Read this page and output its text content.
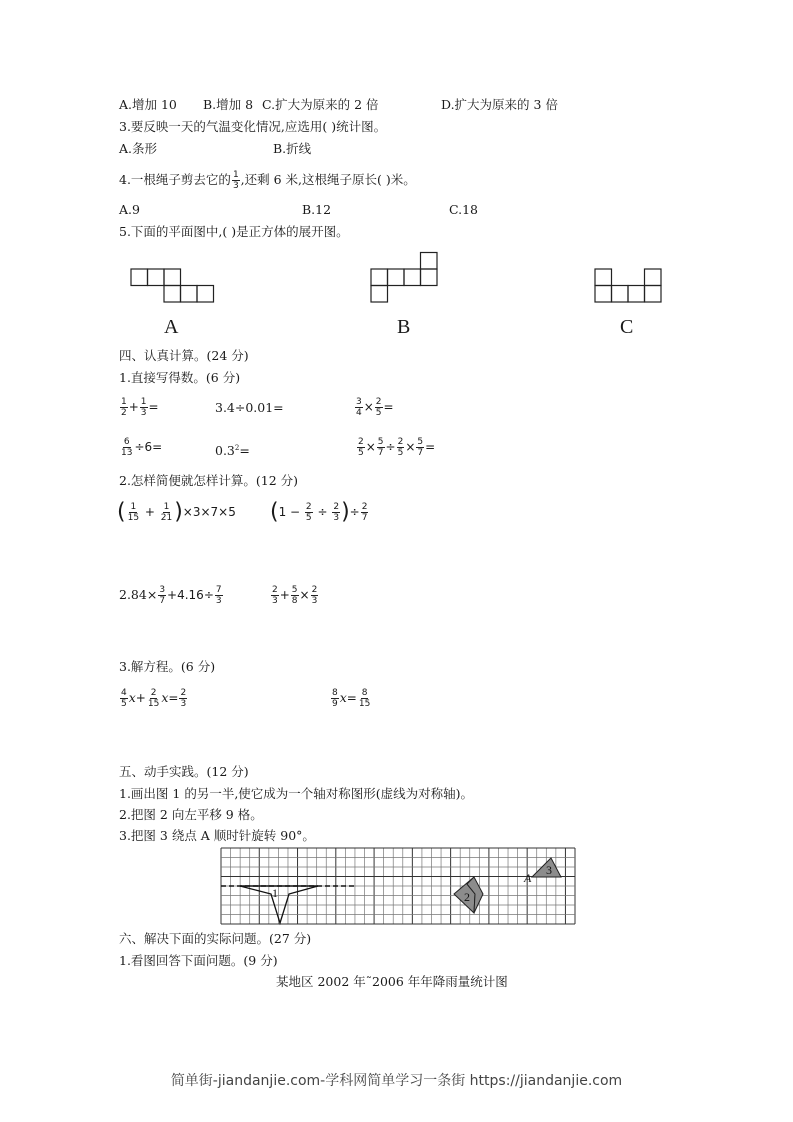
A.增加 10 B.增加 8 C.扩大为原来的 2 倍	D.扩大为原来的 3 倍
3.要反映一天的气温变化情况,应选用( )统计图。
A.条形	B.折线
4.一根绳子剪去它的 $\frac{1}{3}$ ,还剩 6 米,这根绳子原长( )米。
A.9	B.12	C.18
5.下面的平面图中,( )是正方体的展开图。
A	B	C
四、认真计算。(24 分)
1.直接写得数。(6 分)
$\frac{1}{2} + \frac{1}{3}$ =	3.4÷0.01=	$\frac{3}{4} \times \frac{2}{5}$ =
$\frac{6}{13} \div 6=$	$0.3^2=$	$\frac{2}{5} \times \frac{5}{7} \div \frac{2}{5} \times \frac{5}{7}$ =
2.怎样简便就怎样计算。(12 分)
( $\frac{1}{15} + \frac{1}{21} )\times 3\times 7\times 5$ ($1 - \frac{2}{5} \div \frac{2}{3}$ )÷ $\frac{2}{7}$
$2.84\times \frac{3}{7} +4.16\div \frac{7}{3}$	$\frac{2}{3} + \frac{5}{8} \times \frac{2}{3}$
3.解方程。(6 分)
$\frac{4}{5} x+ \frac{2}{15} x= \frac{2}{3}$	$\frac{8}{9} x= \frac{8}{15}$
五、动手实践。(12 分)
1.画出图 1 的另一半,使它成为一个轴对称图形(虚线为对称轴)。
2.把图 2 向左平移 9 格。
3.把图 3 绕点 A 顺时针旋转 90°。
1	2
3
A
六、解决下面的实际问题。(27 分)
1.看图回答下面问题。(9 分)
某地区 2002 年˜2006 年年降雨量统计图
简单街-jiandanjie.com-学科网简单学习一条街 https://jiandanjie.com
